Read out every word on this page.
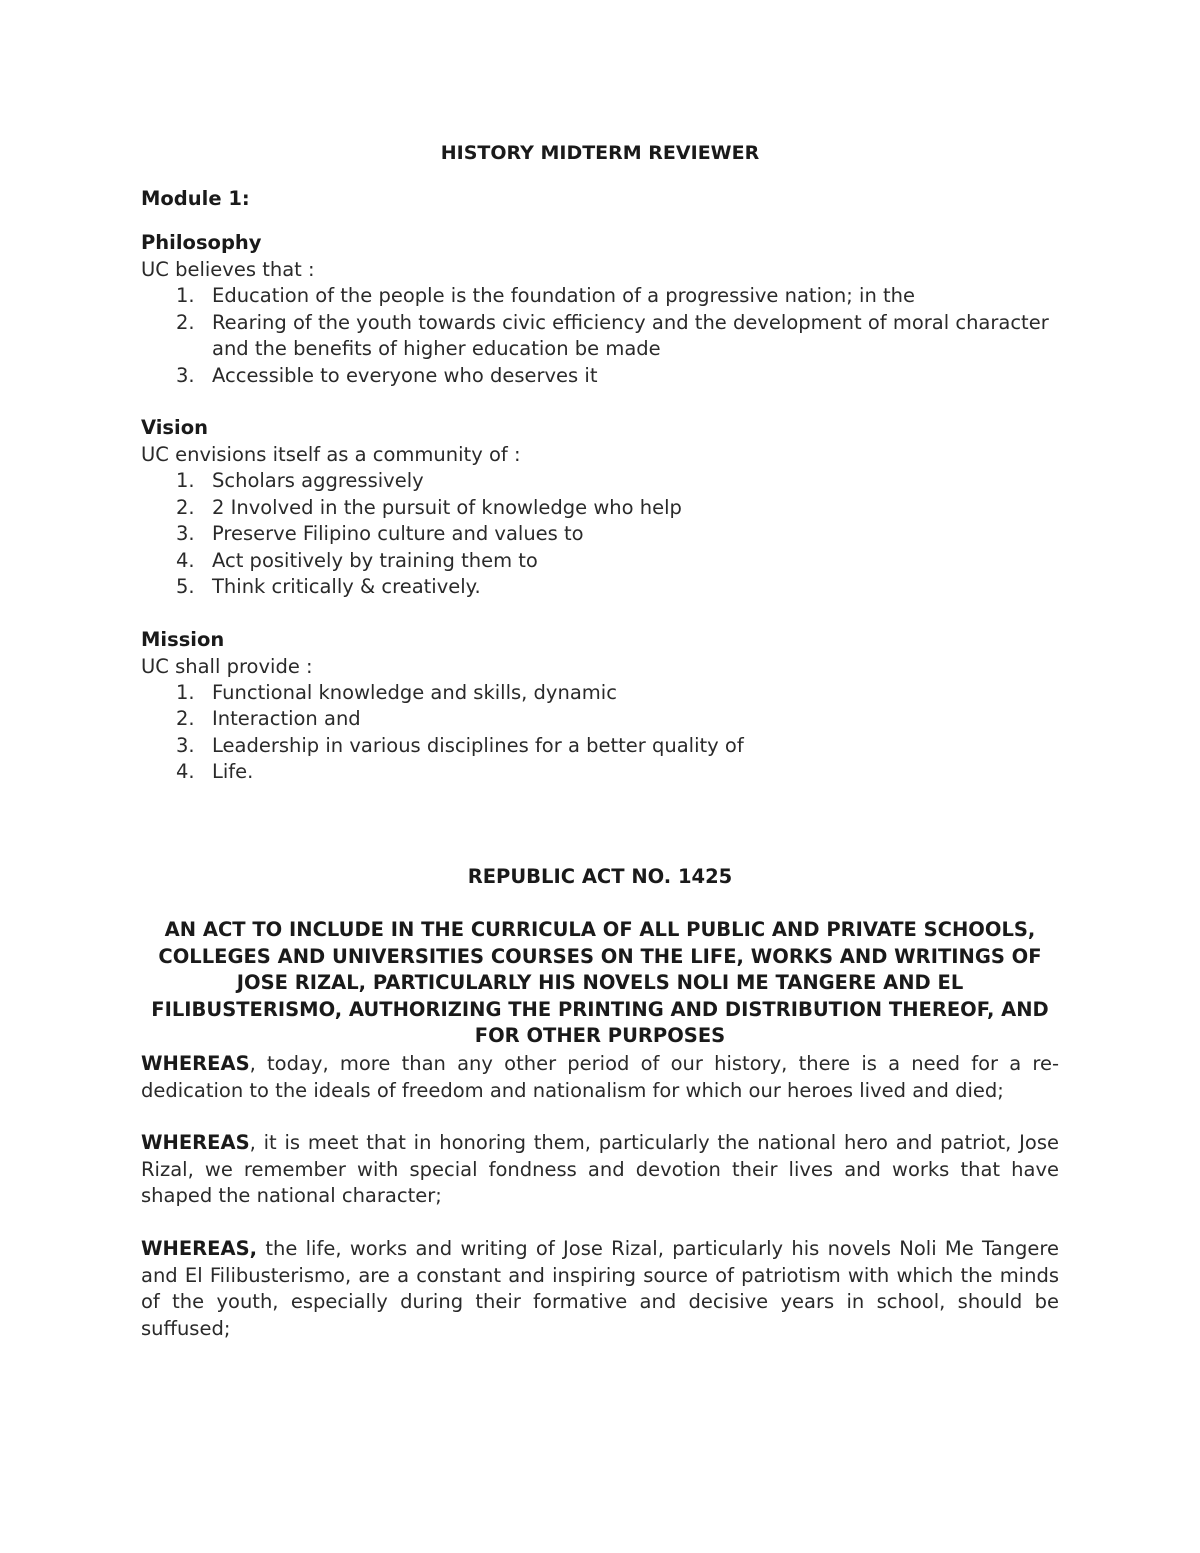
HISTORY MIDTERM REVIEWER

Module 1:

Philosophy

UC believes that :

1. Education of the people is the foundation of a progressive nation; in the
2. Rearing of the youth towards civic efficiency and the development of moral character and the benefits of higher education be made
3. Accessible to everyone who deserves it

Vision

UC envisions itself as a community of :

1. Scholars aggressively
2. 2 Involved in the pursuit of knowledge who help
3. Preserve Filipino culture and values to
4. Act positively by training them to
5. Think critically & creatively.

Mission

UC shall provide :

1. Functional knowledge and skills, dynamic
2. Interaction and
3. Leadership in various disciplines for a better quality of
4. Life.

REPUBLIC ACT NO. 1425

AN ACT TO INCLUDE IN THE CURRICULA OF ALL PUBLIC AND PRIVATE SCHOOLS, COLLEGES AND UNIVERSITIES COURSES ON THE LIFE, WORKS AND WRITINGS OF JOSE RIZAL, PARTICULARLY HIS NOVELS NOLI ME TANGERE AND EL FILIBUSTERISMO, AUTHORIZING THE PRINTING AND DISTRIBUTION THEREOF, AND FOR OTHER PURPOSES

WHEREAS, today, more than any other period of our history, there is a need for a re-dedication to the ideals of freedom and nationalism for which our heroes lived and died;

WHEREAS, it is meet that in honoring them, particularly the national hero and patriot, Jose Rizal, we remember with special fondness and devotion their lives and works that have shaped the national character;

WHEREAS, the life, works and writing of Jose Rizal, particularly his novels Noli Me Tangere and El Filibusterismo, are a constant and inspiring source of patriotism with which the minds of the youth, especially during their formative and decisive years in school, should be suffused;
